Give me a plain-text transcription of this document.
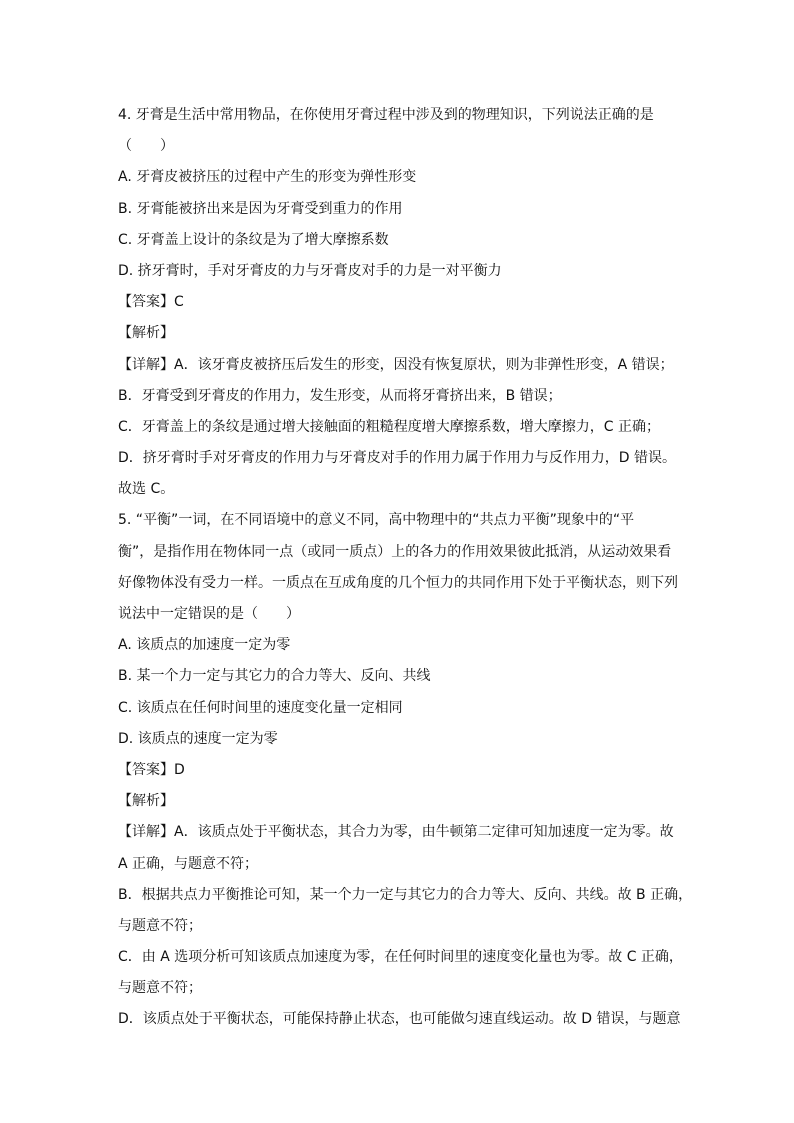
4. 牙膏是生活中常用物品，在你使用牙膏过程中涉及到的物理知识，下列说法正确的是
（　　）
A. 牙膏皮被挤压的过程中产生的形变为弹性形变
B. 牙膏能被挤出来是因为牙膏受到重力的作用
C. 牙膏盖上设计的条纹是为了增大摩擦系数
D. 挤牙膏时，手对牙膏皮的力与牙膏皮对手的力是一对平衡力
【答案】C
【解析】
【详解】A．该牙膏皮被挤压后发生的形变，因没有恢复原状，则为非弹性形变，A 错误；
B．牙膏受到牙膏皮的作用力，发生形变，从而将牙膏挤出来，B 错误；
C．牙膏盖上的条纹是通过增大接触面的粗糙程度增大摩擦系数，增大摩擦力，C 正确；
D．挤牙膏时手对牙膏皮的作用力与牙膏皮对手的作用力属于作用力与反作用力，D 错误。
故选 C。
5. “平衡”一词，在不同语境中的意义不同，高中物理中的“共点力平衡”现象中的“平
衡”，是指作用在物体同一点（或同一质点）上的各力的作用效果彼此抵消，从运动效果看
好像物体没有受力一样。一质点在互成角度的几个恒力的共同作用下处于平衡状态，则下列
说法中一定错误的是（　　）
A. 该质点的加速度一定为零
B. 某一个力一定与其它力的合力等大、反向、共线
C. 该质点在任何时间里的速度变化量一定相同
D. 该质点的速度一定为零
【答案】D
【解析】
【详解】A．该质点处于平衡状态，其合力为零，由牛顿第二定律可知加速度一定为零。故
A 正确，与题意不符；
B．根据共点力平衡推论可知，某一个力一定与其它力的合力等大、反向、共线。故 B 正确，
与题意不符；
C．由 A 选项分析可知该质点加速度为零，在任何时间里的速度变化量也为零。故 C 正确，
与题意不符；
D．该质点处于平衡状态，可能保持静止状态，也可能做匀速直线运动。故 D 错误，与题意
